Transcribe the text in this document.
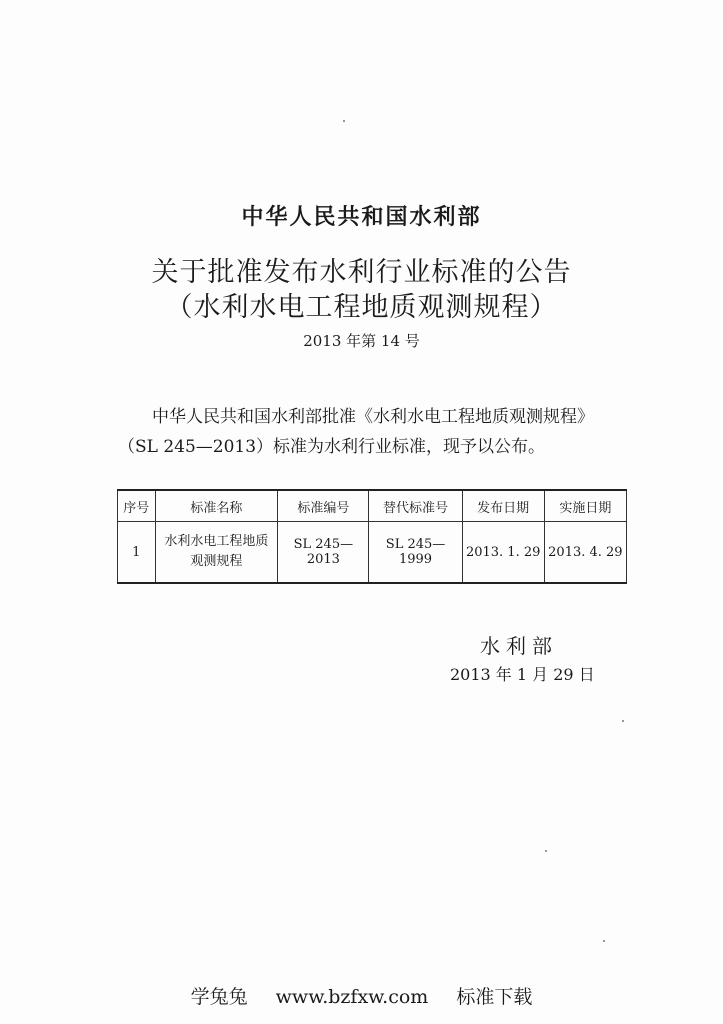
中华人民共和国水利部
关于批准发布水利行业标准的公告
（水利水电工程地质观测规程）
2013 年第 14 号
中华人民共和国水利部批准《水利水电工程地质观测规程》
（SL 245—2013）标准为水利行业标准，现予以公布。
序号	标准名称	标准编号	替代标准号	发布日期	实施日期
1	水利水电工程地质
观测规程	SL 245—2013	SL 245—1999	2013. 1. 29	2013. 4. 29
水利部
2013 年 1 月 29 日
学兔兔 www.bzfxw.com 标准下载
